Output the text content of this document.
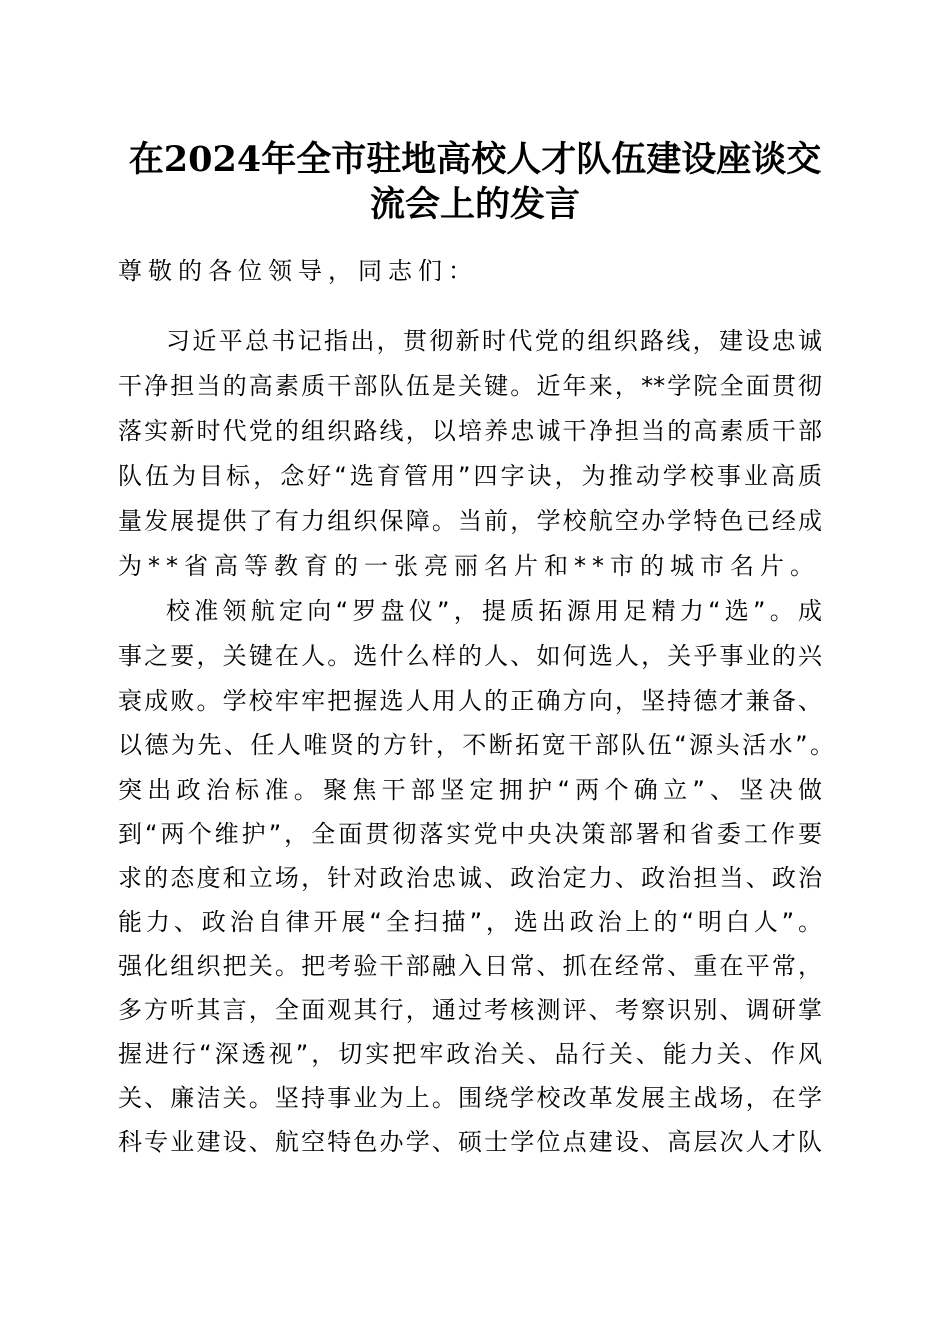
在2024年全市驻地高校人才队伍建设座谈交
流会上的发言
尊敬的各位领导，同志们：
习近平总书记指出，贯彻新时代党的组织路线，建设忠诚
干净担当的高素质干部队伍是关键。近年来，**学院全面贯彻
落实新时代党的组织路线，以培养忠诚干净担当的高素质干部
队伍为目标，念好“选育管用”四字诀，为推动学校事业高质
量发展提供了有力组织保障。当前，学校航空办学特色已经成
为**省高等教育的一张亮丽名片和**市的城市名片。
校准领航定向“罗盘仪”，提质拓源用足精力“选”。成
事之要，关键在人。选什么样的人、如何选人，关乎事业的兴
衰成败。学校牢牢把握选人用人的正确方向，坚持德才兼备、
以德为先、任人唯贤的方针，不断拓宽干部队伍“源头活水”。
突出政治标准。聚焦干部坚定拥护“两个确立”、坚决做
到“两个维护”，全面贯彻落实党中央决策部署和省委工作要
求的态度和立场，针对政治忠诚、政治定力、政治担当、政治
能力、政治自律开展“全扫描”，选出政治上的“明白人”。
强化组织把关。把考验干部融入日常、抓在经常、重在平常，
多方听其言，全面观其行，通过考核测评、考察识别、调研掌
握进行“深透视”，切实把牢政治关、品行关、能力关、作风
关、廉洁关。坚持事业为上。围绕学校改革发展主战场，在学
科专业建设、航空特色办学、硕士学位点建设、高层次人才队
